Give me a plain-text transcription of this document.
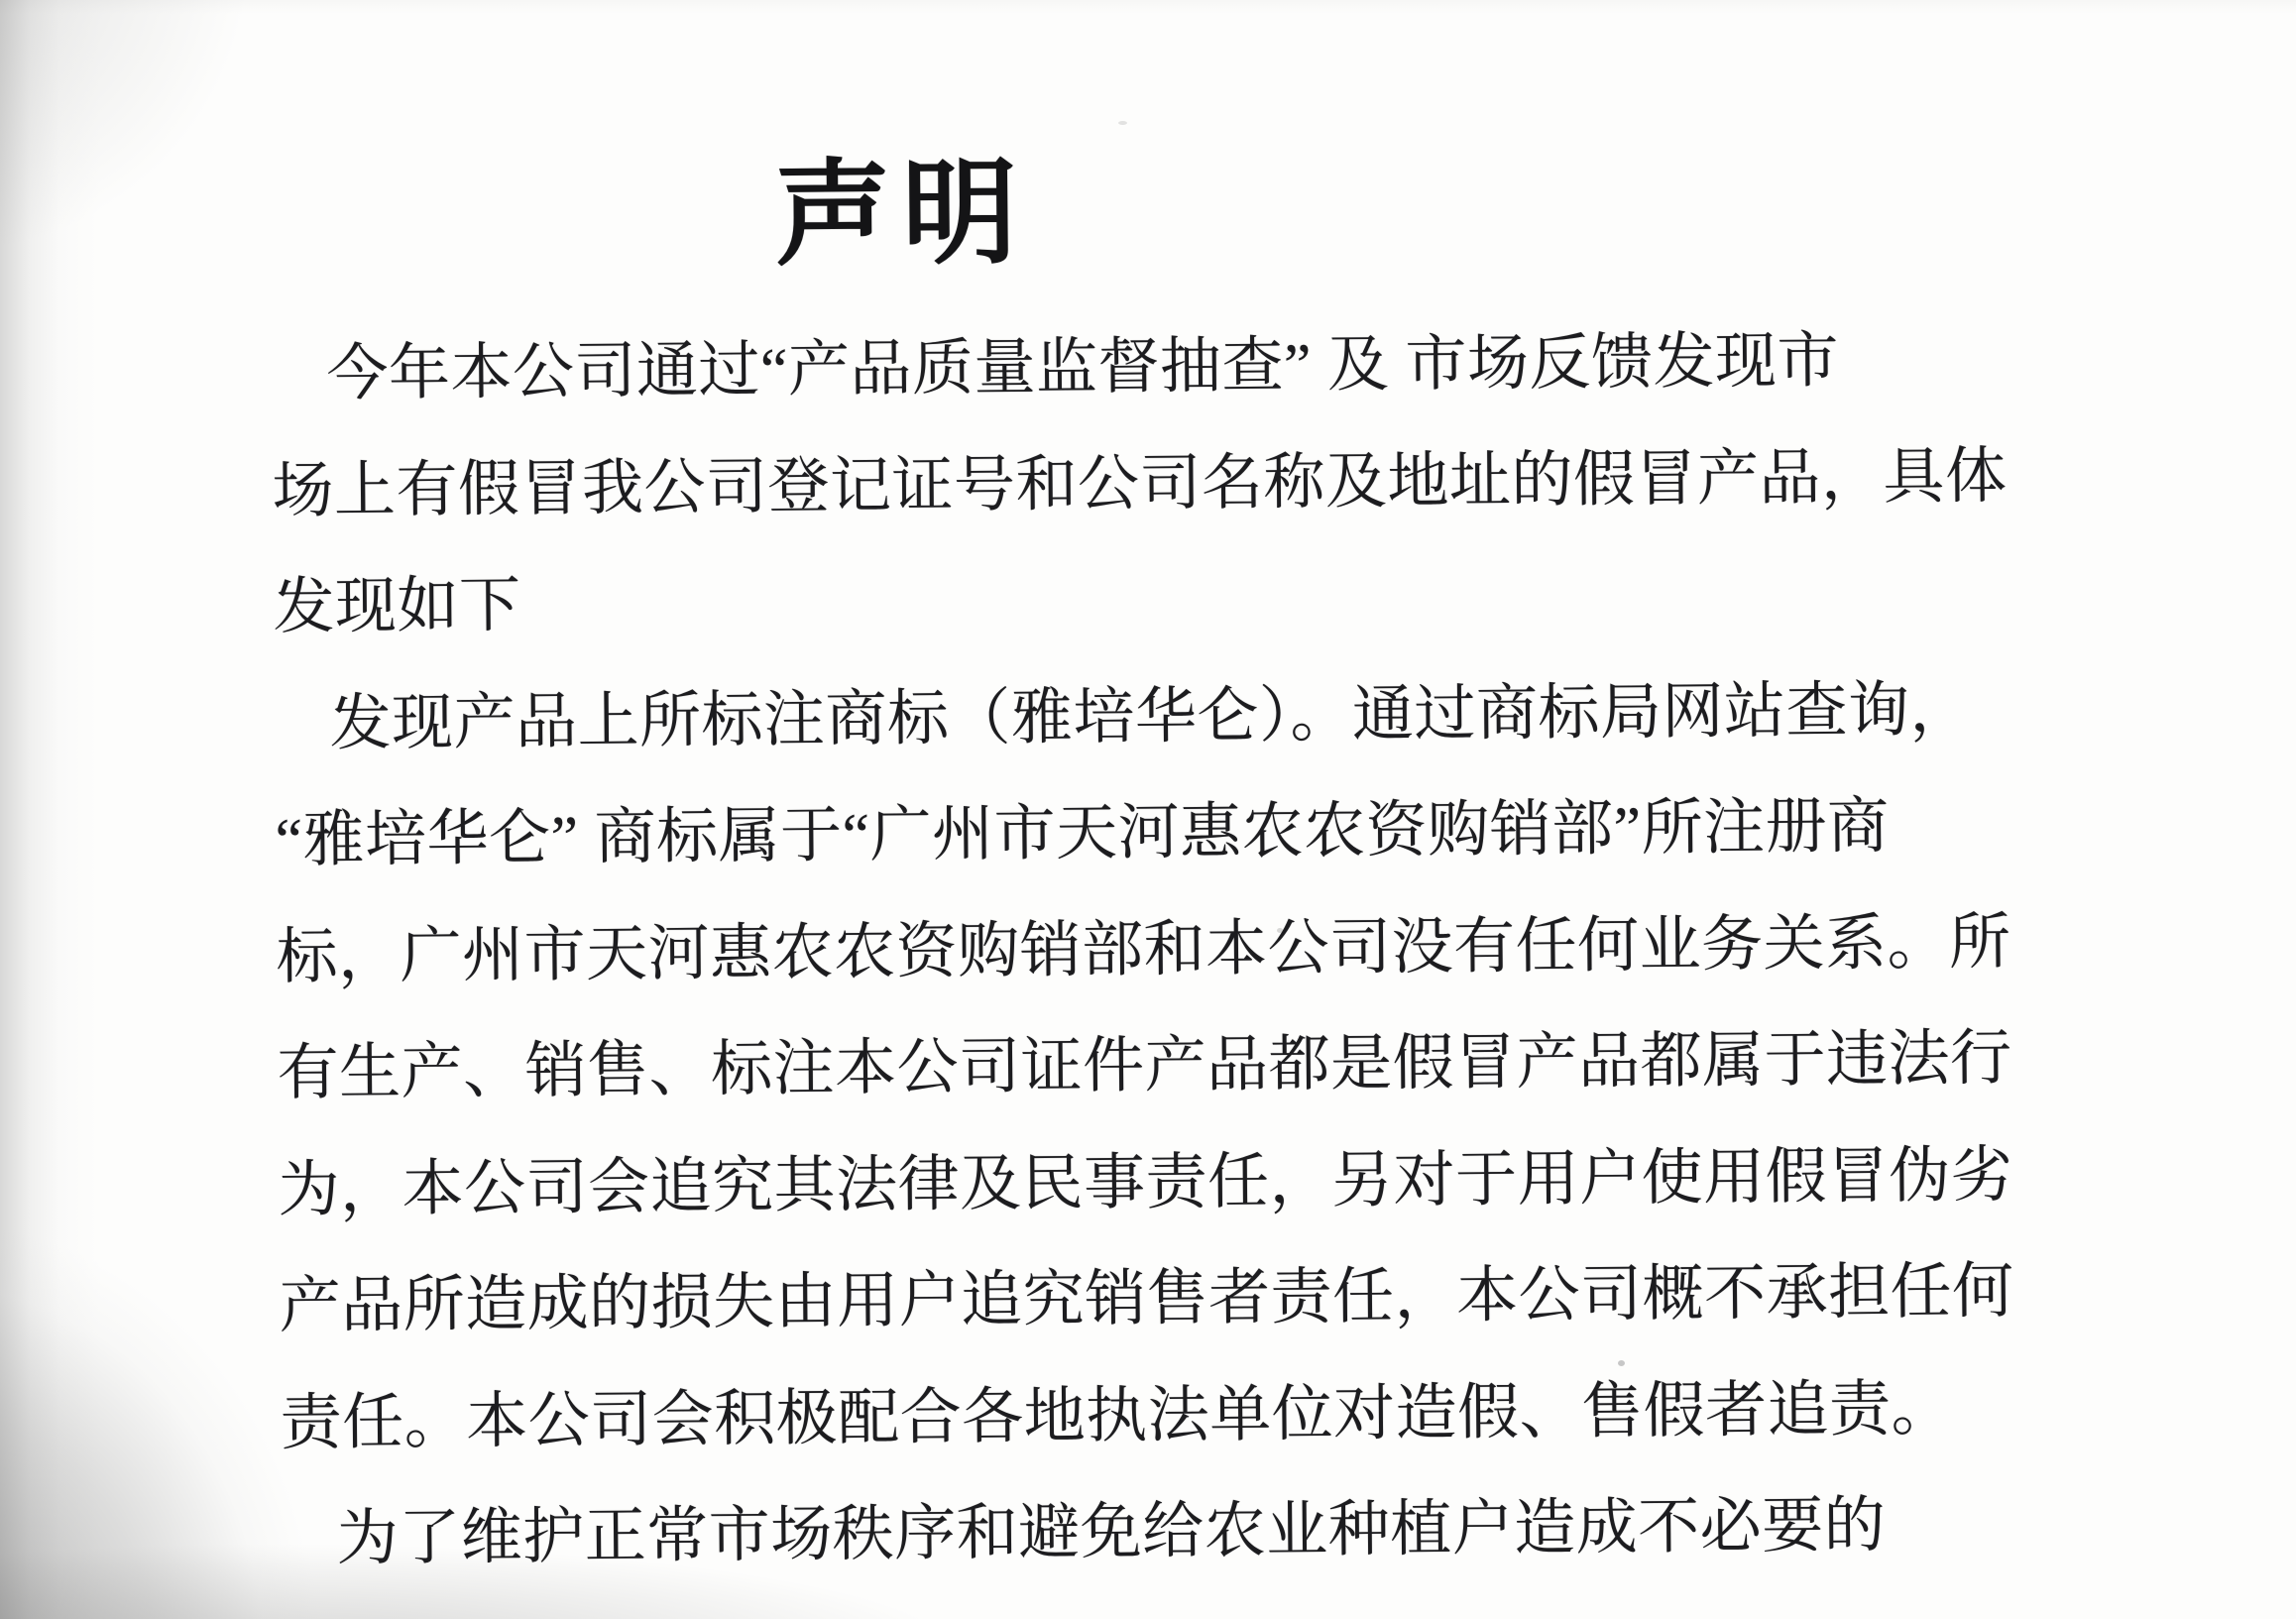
声明

今年本公司通过“产品质量监督抽查” 及 市场反馈发现市

场上有假冒我公司登记证号和公司名称及地址的假冒产品，具体

发现如下

发现产品上所标注商标（雅培华仑）。通过商标局网站查询，

“雅培华仑” 商标属于“广州市天河惠农农资购销部”所注册商

标，广州市天河惠农农资购销部和本公司没有任何业务关系。所

有生产、销售、标注本公司证件产品都是假冒产品都属于违法行

为，本公司会追究其法律及民事责任，另对于用户使用假冒伪劣

产品所造成的损失由用户追究销售者责任，本公司概不承担任何

责任。本公司会积极配合各地执法单位对造假、售假者追责。

为了维护正常市场秩序和避免给农业种植户造成不必要的
